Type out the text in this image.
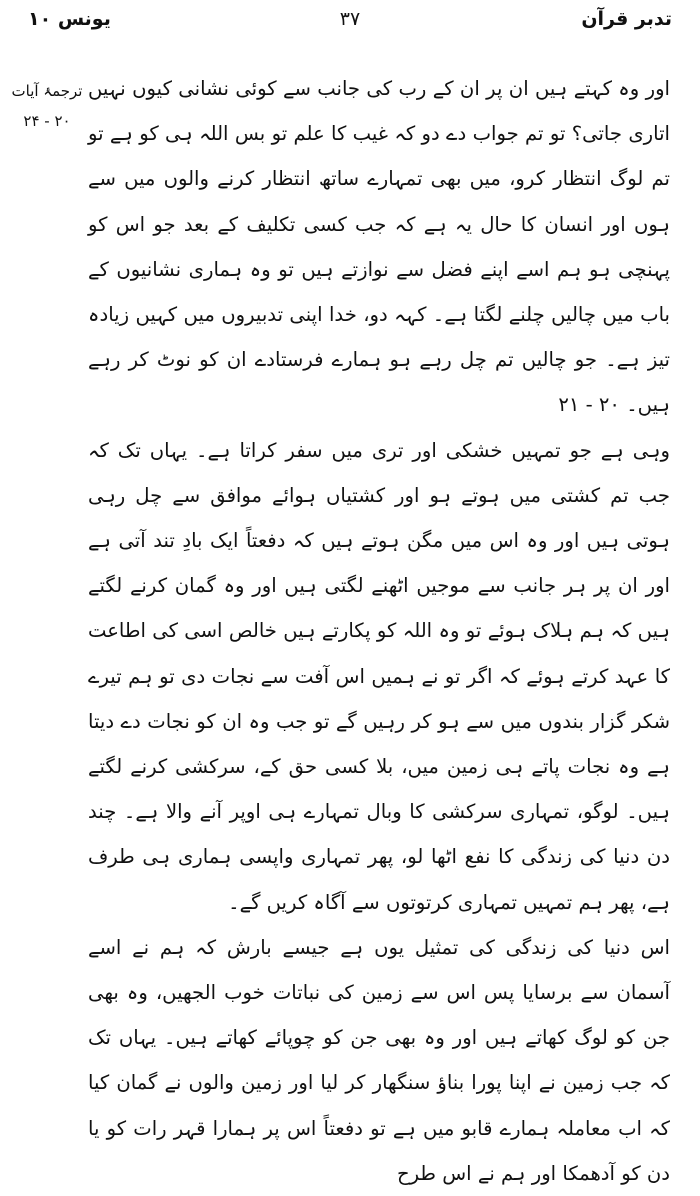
تدبر قرآن
۳۷
یونس ۱۰
ترجمۂ آیات
۲۰ - ۲۴

اور وہ کہتے ہیں ان پر ان کے رب کی جانب سے کوئی نشانی کیوں نہیں اتاری جاتی؟ تو تم جواب دے دو کہ غیب کا علم تو بس اللہ ہی کو ہے تو تم لوگ انتظار کرو، میں بھی تمہارے ساتھ انتظار کرنے والوں میں سے ہوں اور انسان کا حال یہ ہے کہ جب کسی تکلیف کے بعد جو اس کو پہنچی ہو ہم اسے اپنے فضل سے نوازتے ہیں تو وہ ہماری نشانیوں کے باب میں چالیں چلنے لگتا ہے۔ کہہ دو، خدا اپنی تدبیروں میں کہیں زیادہ تیز ہے۔ جو چالیں تم چل رہے ہو ہمارے فرستادے ان کو نوٹ کر رہے ہیں۔ ۲۰ - ۲۱

وہی ہے جو تمہیں خشکی اور تری میں سفر کراتا ہے۔ یہاں تک کہ جب تم کشتی میں ہوتے ہو اور کشتیاں ہوائے موافق سے چل رہی ہوتی ہیں اور وہ اس میں مگن ہوتے ہیں کہ دفعتاً ایک بادِ تند آتی ہے اور ان پر ہر جانب سے موجیں اٹھنے لگتی ہیں اور وہ گمان کرنے لگتے ہیں کہ ہم ہلاک ہوئے تو وہ اللہ کو پکارتے ہیں خالص اسی کی اطاعت کا عہد کرتے ہوئے کہ اگر تو نے ہمیں اس آفت سے نجات دی تو ہم تیرے شکر گزار بندوں میں سے ہو کر رہیں گے تو جب وہ ان کو نجات دے دیتا ہے وہ نجات پاتے ہی زمین میں، بلا کسی حق کے، سرکشی کرنے لگتے ہیں۔ لوگو، تمہاری سرکشی کا وبال تمہارے ہی اوپر آنے والا ہے۔ چند دن دنیا کی زندگی کا نفع اٹھا لو، پھر تمہاری واپسی ہماری ہی طرف ہے، پھر ہم تمہیں تمہاری کرتوتوں سے آگاہ کریں گے۔

اس دنیا کی زندگی کی تمثیل یوں ہے جیسے بارش کہ ہم نے اسے آسمان سے برسایا پس اس سے زمین کی نباتات خوب الجھیں، وہ بھی جن کو لوگ کھاتے ہیں اور وہ بھی جن کو چوپائے کھاتے ہیں۔ یہاں تک کہ جب زمین نے اپنا پورا بناؤ سنگھار کر لیا اور زمین والوں نے گمان کیا کہ اب معاملہ ہمارے قابو میں ہے تو دفعتاً اس پر ہمارا قہر رات کو یا دن کو آدھمکا اور ہم نے اس طرح
